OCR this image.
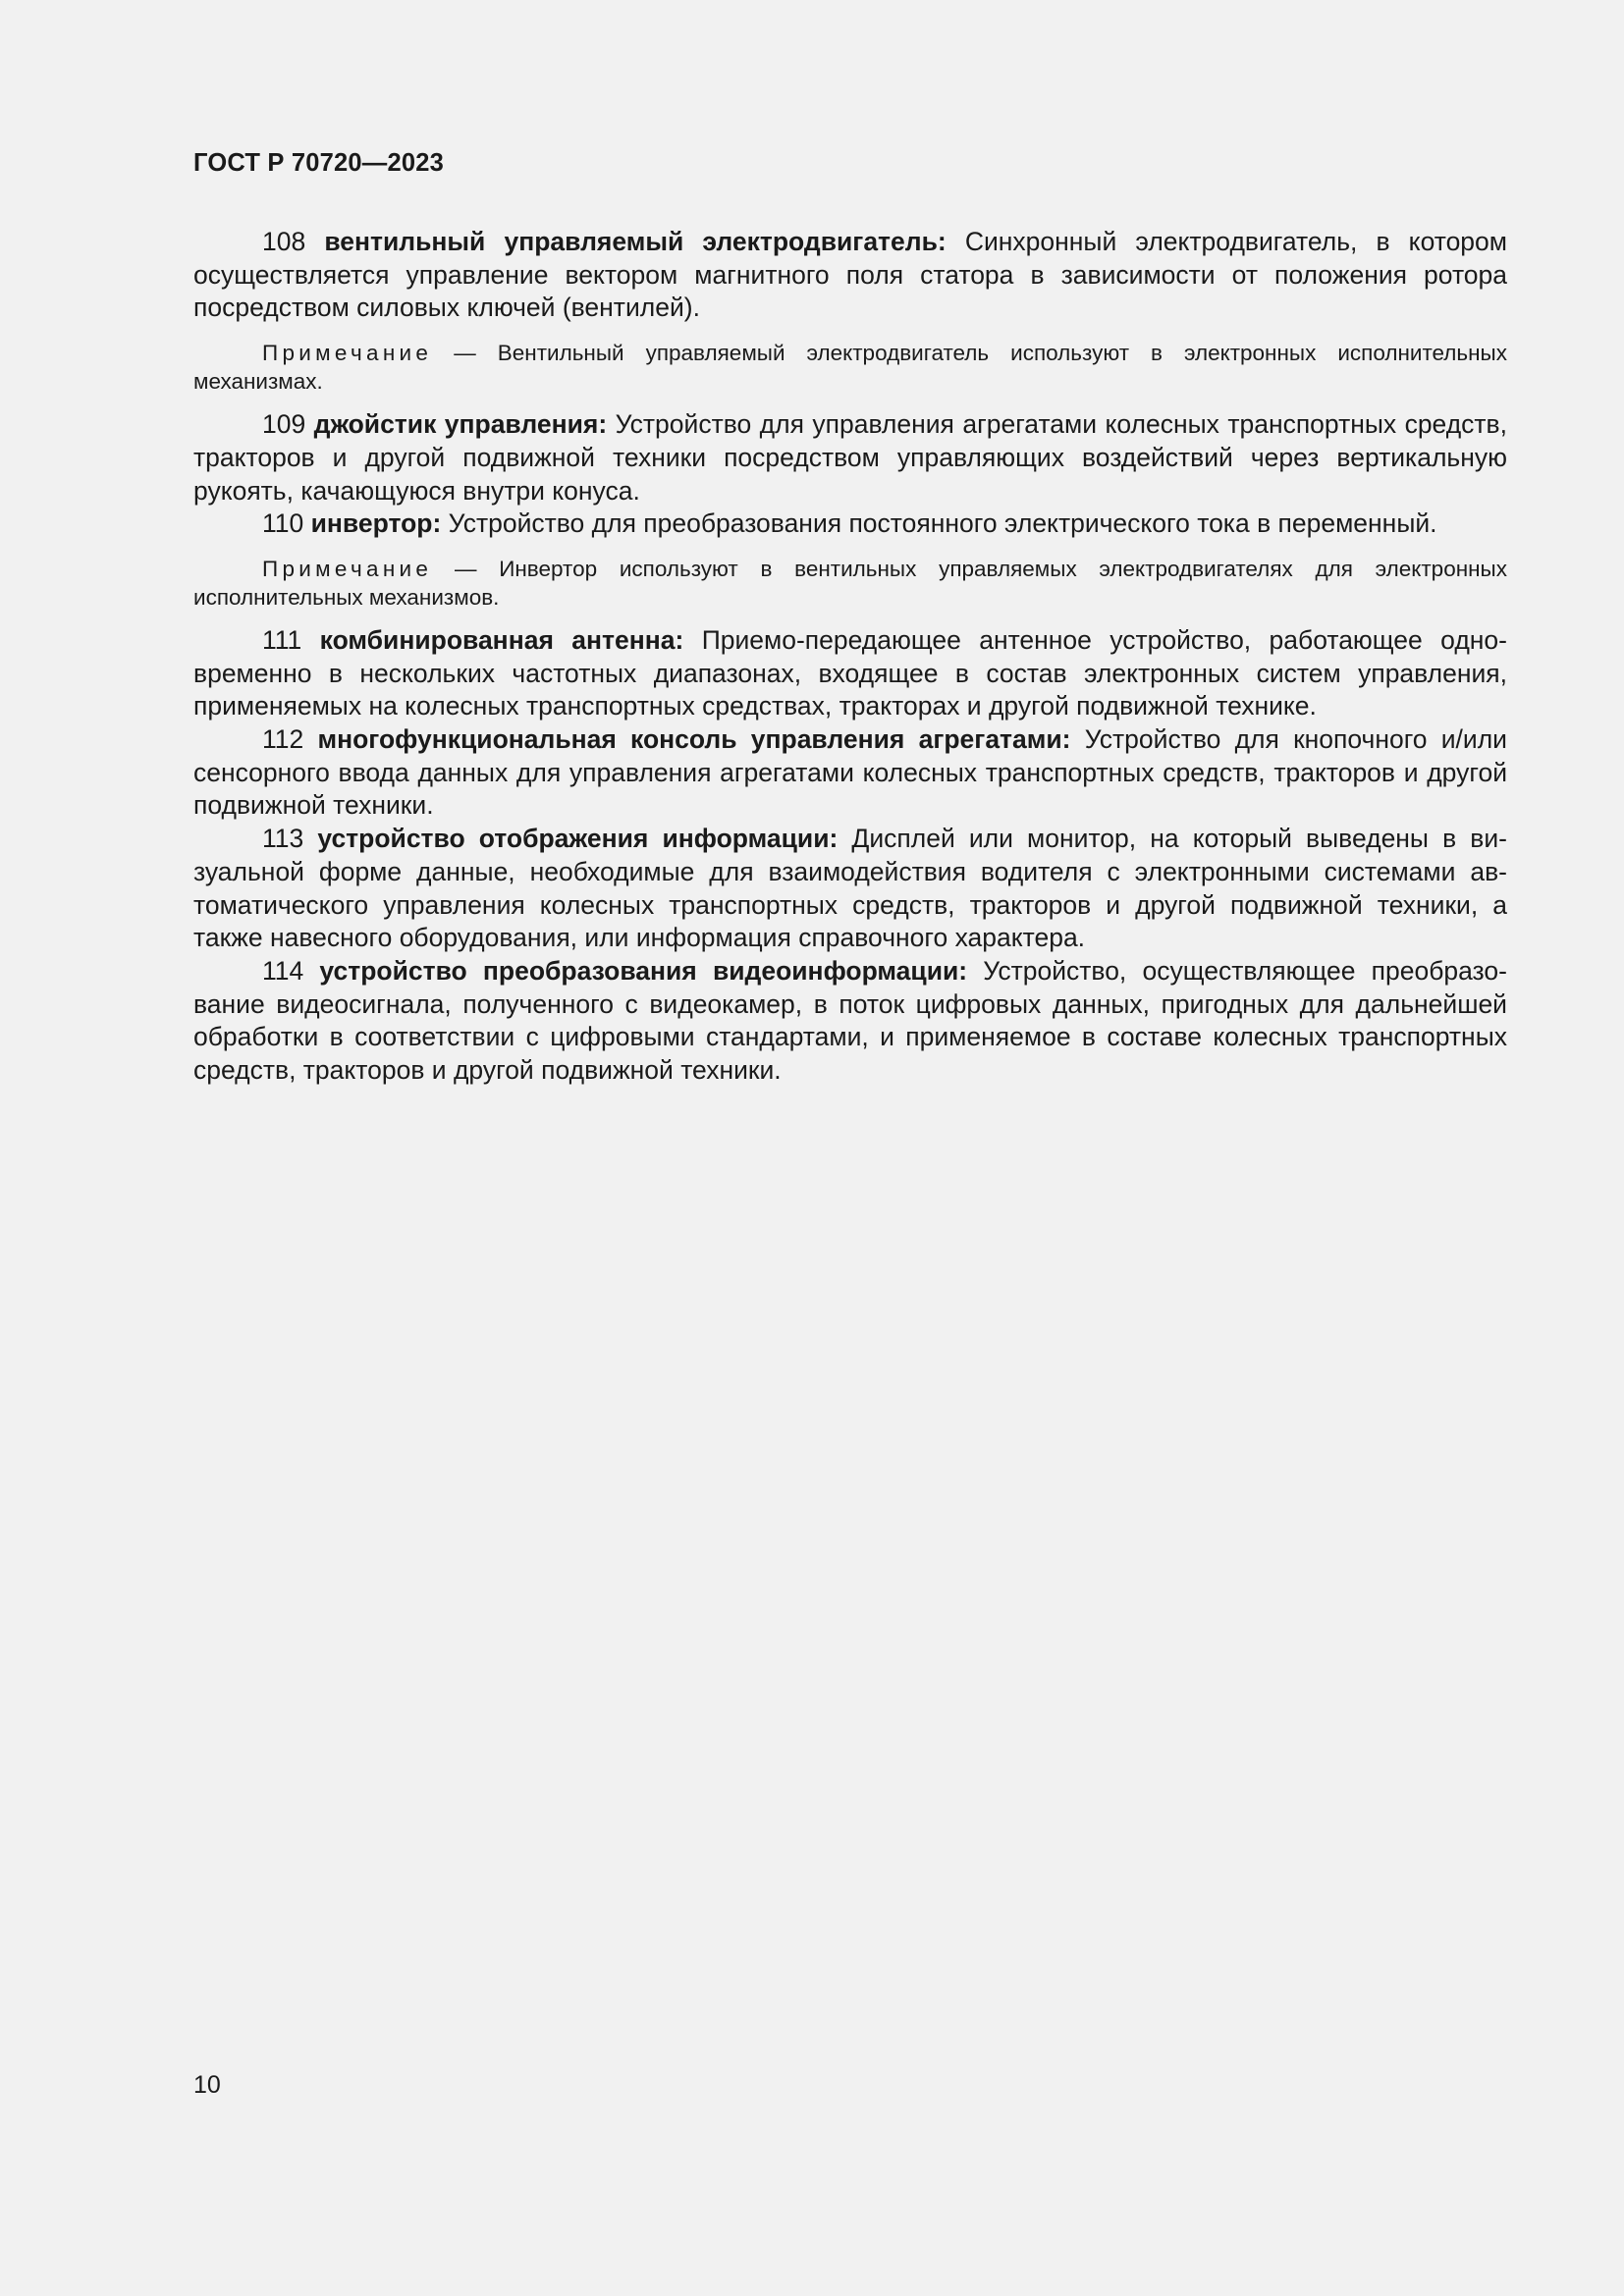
ГОСТ Р 70720—2023

108 вентильный управляемый электродвигатель: Синхронный электродвигатель, в котором осуществляется управление вектором магнитного поля статора в зависимости от положения ротора посредством силовых ключей (вентилей).

Примечание — Вентильный управляемый электродвигатель используют в электронных исполнительных механизмах.

109 джойстик управления: Устройство для управления агрегатами колесных транспортных средств, тракторов и другой подвижной техники посредством управляющих воздействий через вертикальную рукоять, качающуюся внутри конуса.

110 инвертор: Устройство для преобразования постоянного электрического тока в переменный.

Примечание — Инвертор используют в вентильных управляемых электродвигателях для электронных исполнительных механизмов.

111 комбинированная антенна: Приемо-передающее антенное устройство, работающее одновременно в нескольких частотных диапазонах, входящее в состав электронных систем управления, применяемых на колесных транспортных средствах, тракторах и другой подвижной технике.

112 многофункциональная консоль управления агрегатами: Устройство для кнопочного и/или сенсорного ввода данных для управления агрегатами колесных транспортных средств, тракторов и другой подвижной техники.

113 устройство отображения информации: Дисплей или монитор, на который выведены в визуальной форме данные, необходимые для взаимодействия водителя с электронными системами автоматического управления колесных транспортных средств, тракторов и другой подвижной техники, а также навесного оборудования, или информация справочного характера.

114 устройство преобразования видеоинформации: Устройство, осуществляющее преобразование видеосигнала, полученного с видеокамер, в поток цифровых данных, пригодных для дальнейшей обработки в соответствии с цифровыми стандартами, и применяемое в составе колесных транспортных средств, тракторов и другой подвижной техники.

10
